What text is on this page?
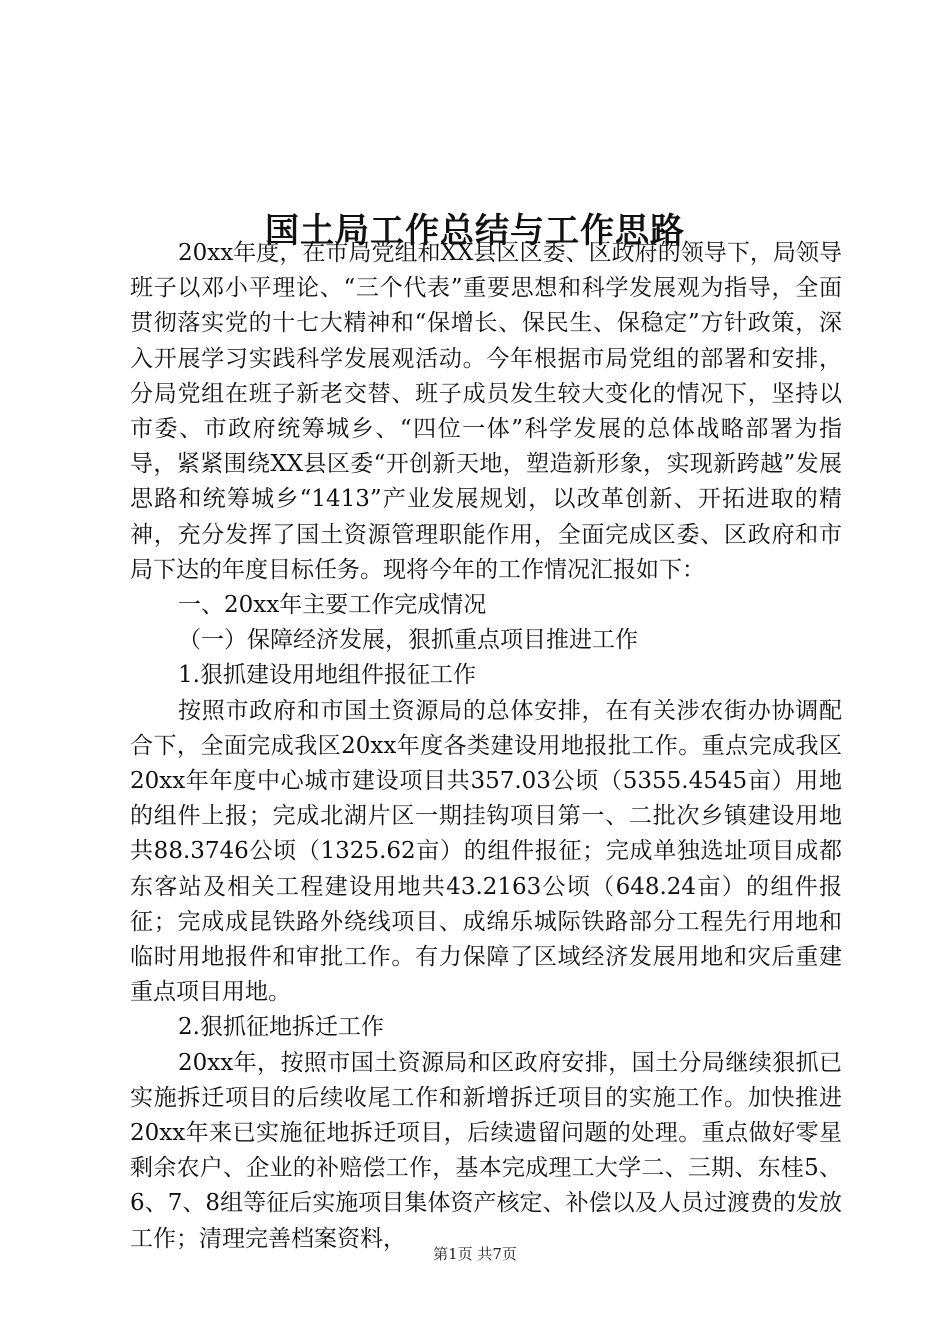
国土局工作总结与工作思路

20xx年度，在市局党组和XX县区区委、区政府的领导下，局领导班子以邓小平理论、“三个代表”重要思想和科学发展观为指导，全面贯彻落实党的十七大精神和“保增长、保民生、保稳定”方针政策，深入开展学习实践科学发展观活动。今年根据市局党组的部署和安排，分局党组在班子新老交替、班子成员发生较大变化的情况下，坚持以市委、市政府统筹城乡、“四位一体”科学发展的总体战略部署为指导，紧紧围绕XX县区委“开创新天地，塑造新形象，实现新跨越”发展思路和统筹城乡“1413”产业发展规划，以改革创新、开拓进取的精神，充分发挥了国土资源管理职能作用，全面完成区委、区政府和市局下达的年度目标任务。现将今年的工作情况汇报如下：

一、20xx年主要工作完成情况

（一）保障经济发展，狠抓重点项目推进工作

1.狠抓建设用地组件报征工作

按照市政府和市国土资源局的总体安排，在有关涉农街办协调配合下，全面完成我区20xx年度各类建设用地报批工作。重点完成我区20xx年年度中心城市建设项目共357.03公顷（5355.4545亩）用地的组件上报；完成北湖片区一期挂钩项目第一、二批次乡镇建设用地共88.3746公顷（1325.62亩）的组件报征；完成单独选址项目成都东客站及相关工程建设用地共43.2163公顷（648.24亩）的组件报征；完成成昆铁路外绕线项目、成绵乐城际铁路部分工程先行用地和临时用地报件和审批工作。有力保障了区域经济发展用地和灾后重建重点项目用地。

2.狠抓征地拆迁工作

20xx年，按照市国土资源局和区政府安排，国土分局继续狠抓已实施拆迁项目的后续收尾工作和新增拆迁项目的实施工作。加快推进20xx年来已实施征地拆迁项目，后续遗留问题的处理。重点做好零星剩余农户、企业的补赔偿工作，基本完成理工大学二、三期、东桂5、6、7、8组等征后实施项目集体资产核定、补偿以及人员过渡费的发放工作；清理完善档案资料，

第1页 共7页
